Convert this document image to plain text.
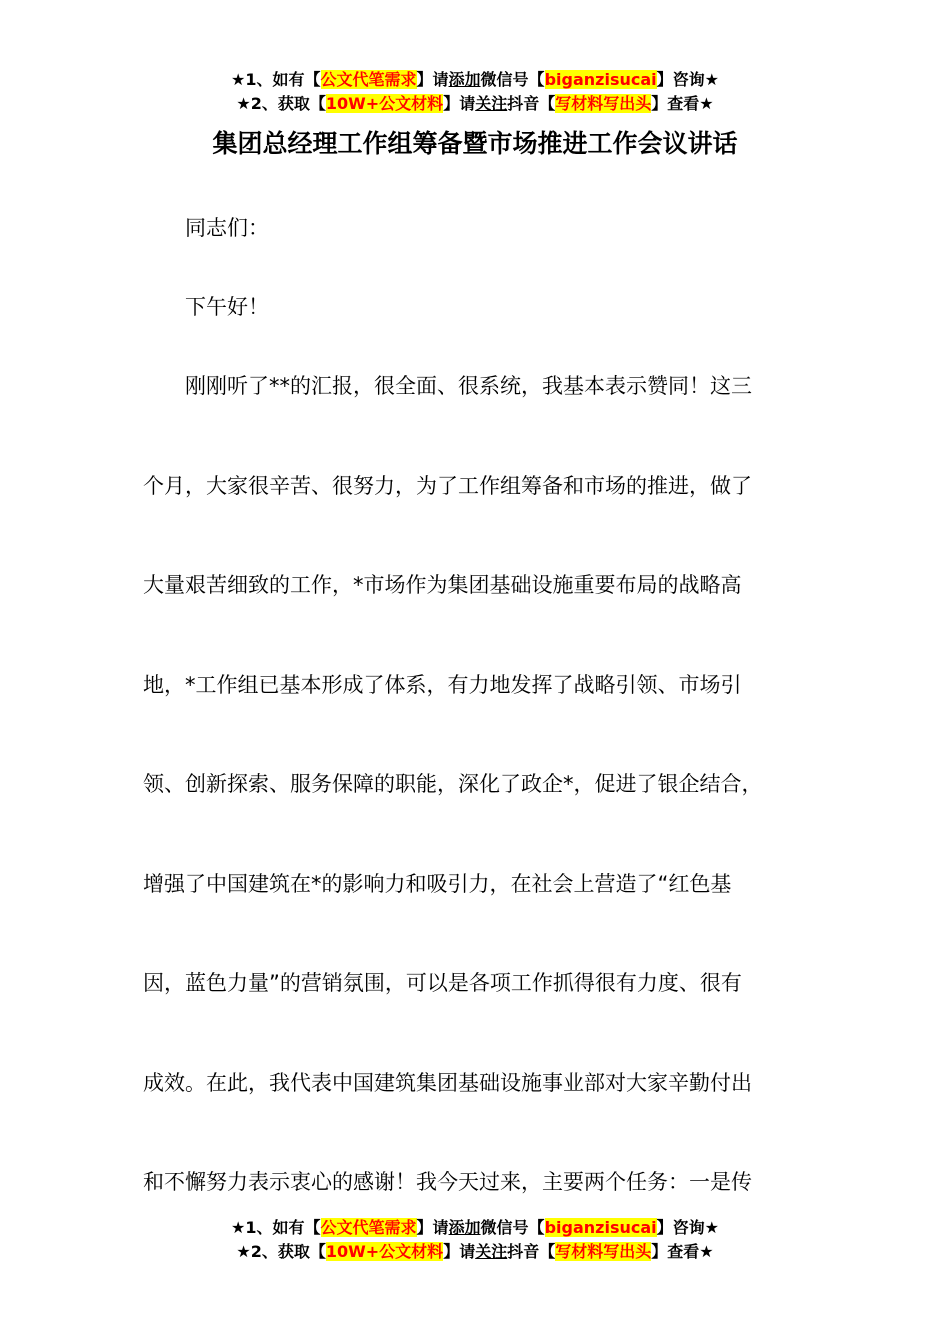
★1、如有【公文代笔需求】请添加微信号【biganzisucai】咨询★
★2、获取【10W+公文材料】请关注抖音【写材料写出头】查看★
集团总经理工作组筹备暨市场推进工作会议讲话
　　同志们：
　　下午好！
　　刚刚听了**的汇报，很全面、很系统，我基本表示赞同！这三
个月，大家很辛苦、很努力，为了工作组筹备和市场的推进，做了
大量艰苦细致的工作，*市场作为集团基础设施重要布局的战略高
地，*工作组已基本形成了体系，有力地发挥了战略引领、市场引
领、创新探索、服务保障的职能，深化了政企*，促进了银企结合，
增强了中国建筑在*的影响力和吸引力，在社会上营造了“红色基
因，蓝色力量”的营销氛围，可以是各项工作抓得很有力度、很有
成效。在此，我代表中国建筑集团基础设施事业部对大家辛勤付出
和不懈努力表示衷心的感谢！我今天过来，主要两个任务：一是传
★1、如有【公文代笔需求】请添加微信号【biganzisucai】咨询★
★2、获取【10W+公文材料】请关注抖音【写材料写出头】查看★
